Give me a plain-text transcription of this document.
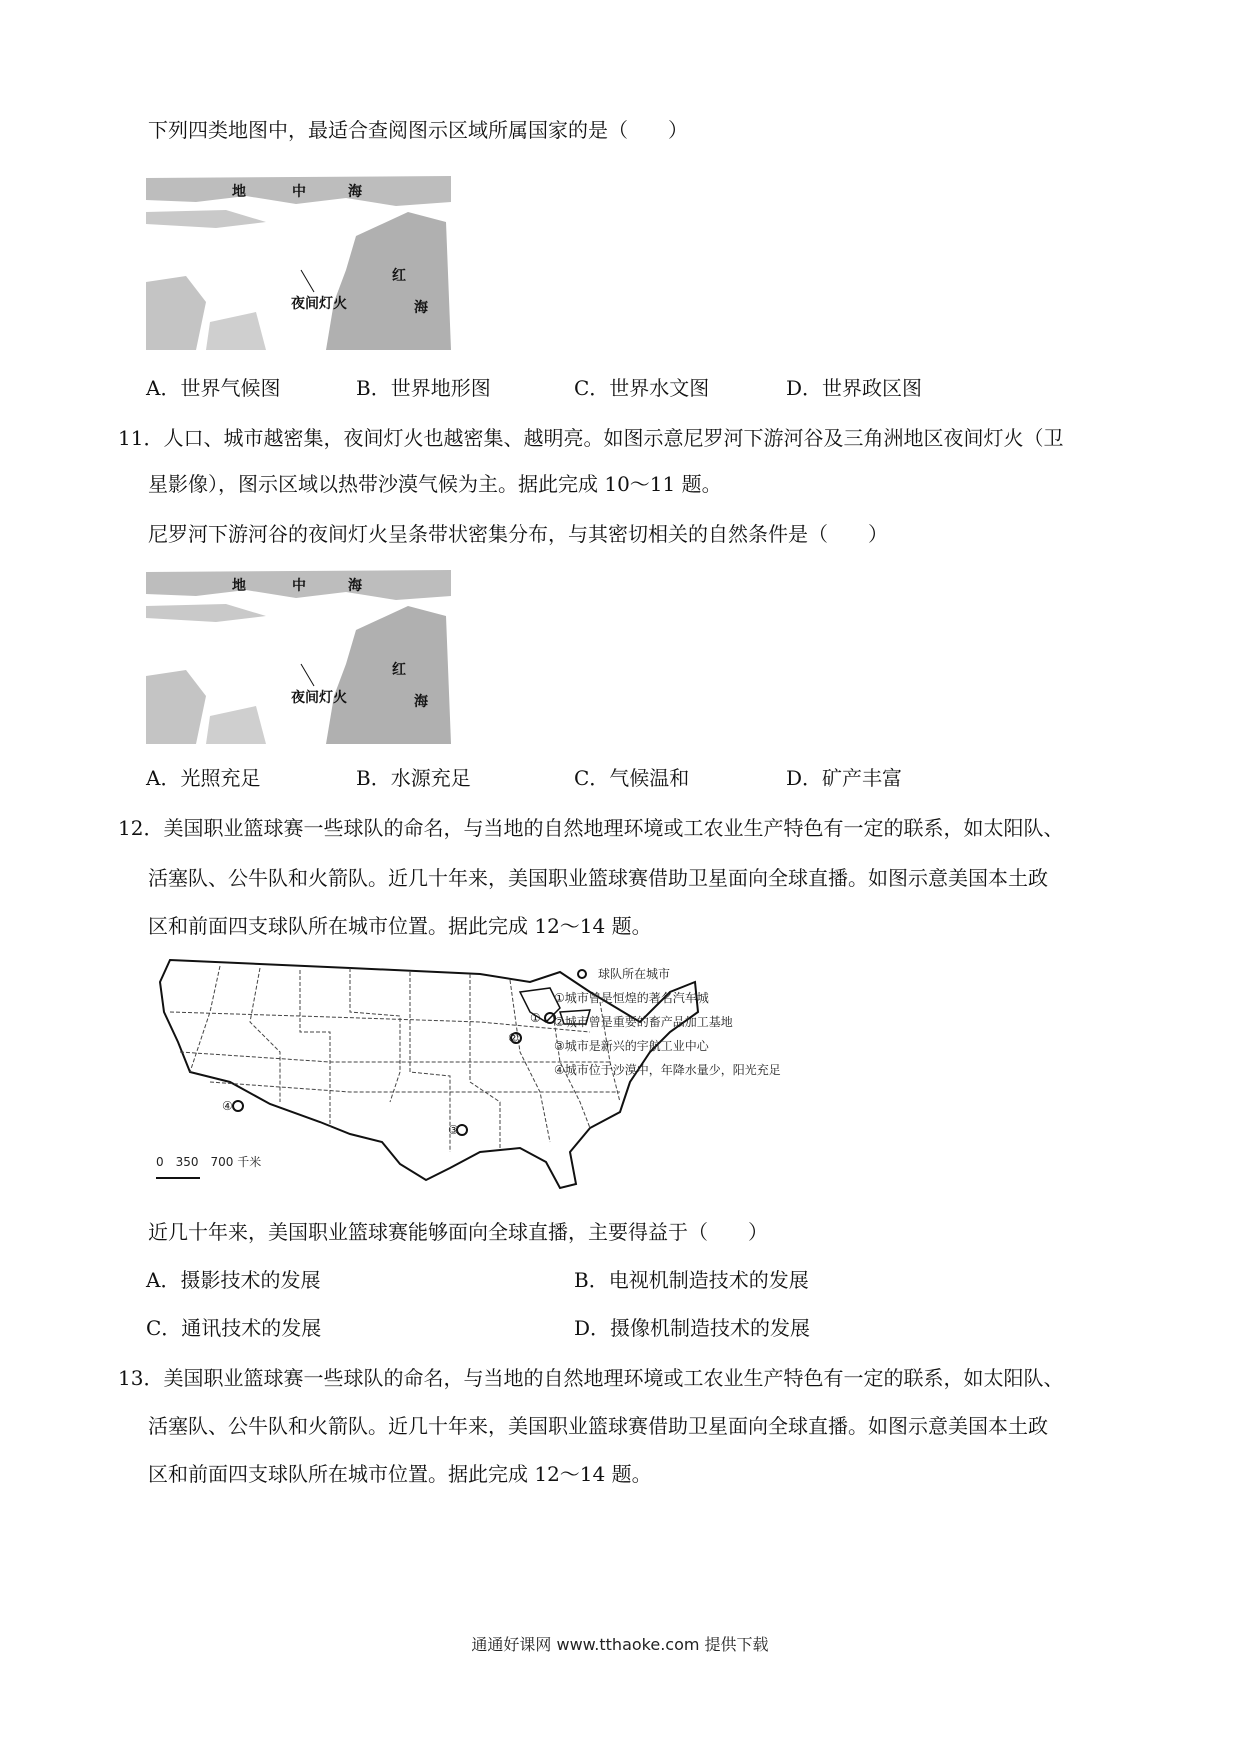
下列四类地图中，最适合查阅图示区域所属国家的是（　　）
地	中	海
红
海
夜间灯火
A．世界气候图	B．世界地形图	C．世界水文图	D．世界政区图
11．人口、城市越密集，夜间灯火也越密集、越明亮。如图示意尼罗河下游河谷及三角洲地区夜间灯火（卫
星影像），图示区域以热带沙漠气候为主。据此完成 10～11 题。
尼罗河下游河谷的夜间灯火呈条带状密集分布，与其密切相关的自然条件是（　　）
地	中	海
红
海
夜间灯火
A．光照充足	B．水源充足	C．气候温和	D．矿产丰富
12．美国职业篮球赛一些球队的命名，与当地的自然地理环境或工农业生产特色有一定的联系，如太阳队、
活塞队、公牛队和火箭队。近几十年来，美国职业篮球赛借助卫星面向全球直播。如图示意美国本土政
区和前面四支球队所在城市位置。据此完成 12～14 题。
①
②
③
④
0　350　700 千米
球队所在城市
①城市曾是恒煌的著名汽车城
②城市曾是重要的畜产品加工基地
③城市是新兴的宇航工业中心
④城市位于沙漠中，年降水量少，阳光充足
近几十年来，美国职业篮球赛能够面向全球直播，主要得益于（　　）
A．摄影技术的发展	B．电视机制造技术的发展
C．通讯技术的发展	D．摄像机制造技术的发展
13．美国职业篮球赛一些球队的命名，与当地的自然地理环境或工农业生产特色有一定的联系，如太阳队、
活塞队、公牛队和火箭队。近几十年来，美国职业篮球赛借助卫星面向全球直播。如图示意美国本土政
区和前面四支球队所在城市位置。据此完成 12～14 题。
通通好课网 www.tthaoke.com 提供下载
